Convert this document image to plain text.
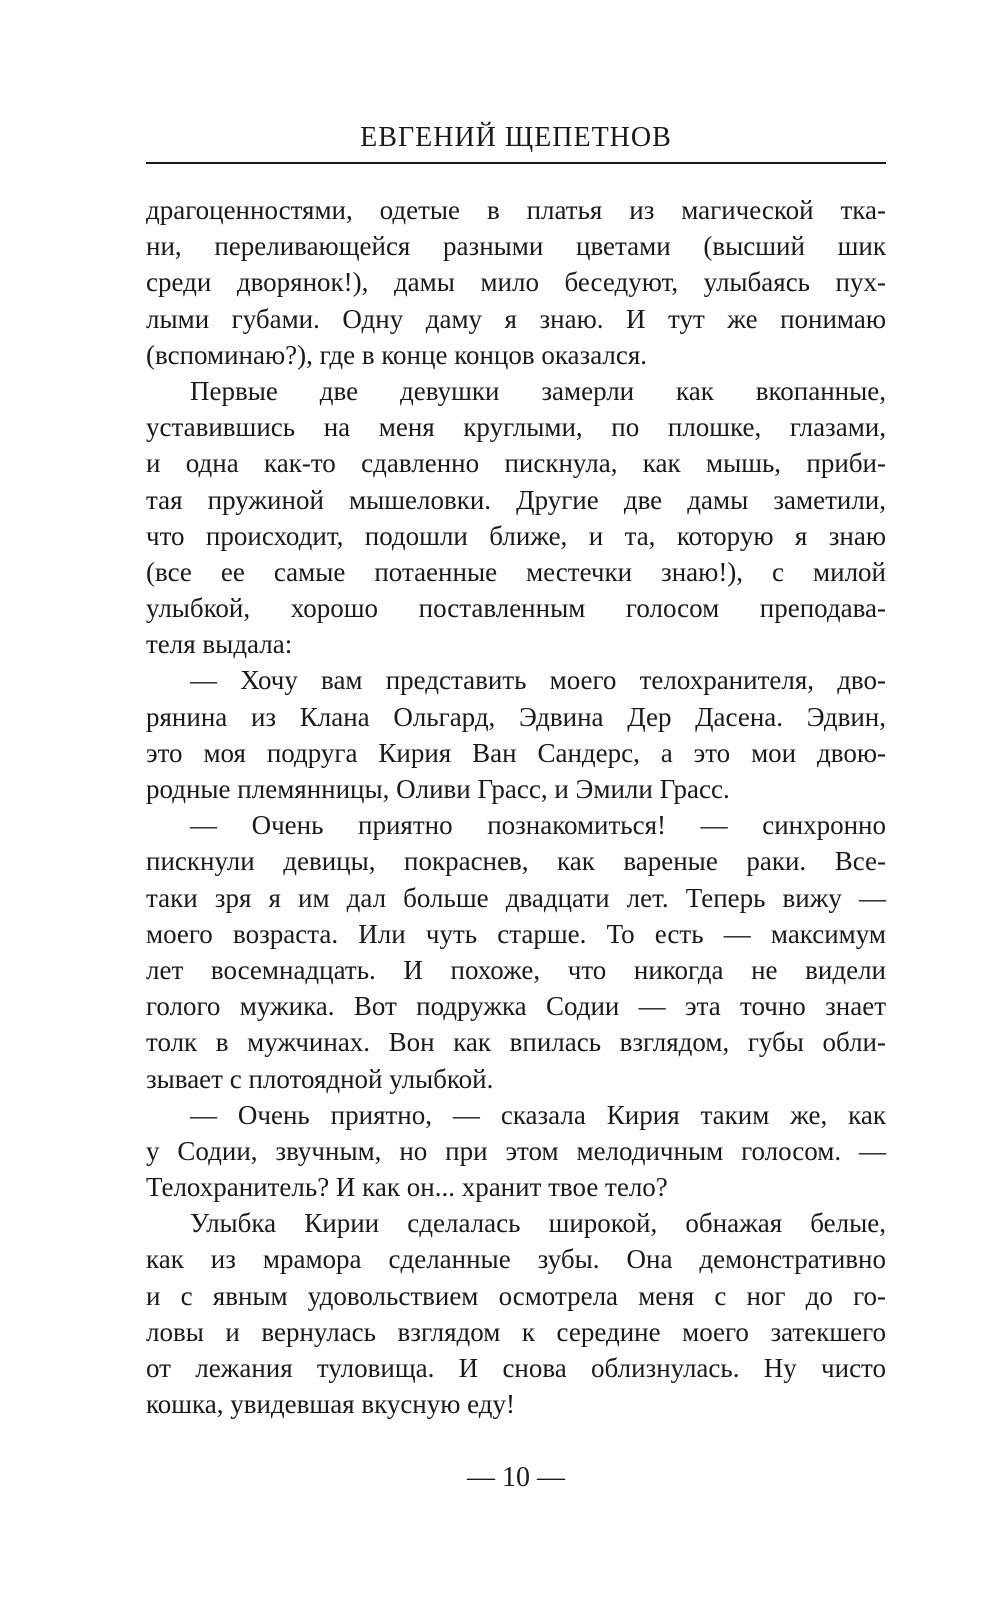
ЕВГЕНИЙ ЩЕПЕТНОВ
драгоценностями, одетые в платья из магической тка-
ни, переливающейся разными цветами (высший шик
среди дворянок!), дамы мило беседуют, улыбаясь пух-
лыми губами. Одну даму я знаю. И тут же понимаю
(вспоминаю?), где в конце концов оказался.
Первые две девушки замерли как вкопанные,
уставившись на меня круглыми, по плошке, глазами,
и одна как-то сдавленно пискнула, как мышь, приби-
тая пружиной мышеловки. Другие две дамы заметили,
что происходит, подошли ближе, и та, которую я знаю
(все ее самые потаенные местечки знаю!), с милой
улыбкой, хорошо поставленным голосом преподава-
теля выдала:
— Хочу вам представить моего телохранителя, дво-
рянина из Клана Ольгард, Эдвина Дер Дасена. Эдвин,
это моя подруга Кирия Ван Сандерс, а это мои двою-
родные племянницы, Оливи Грасс, и Эмили Грасс.
— Очень приятно познакомиться! — синхронно
пискнули девицы, покраснев, как вареные раки. Все-
таки зря я им дал больше двадцати лет. Теперь вижу —
моего возраста. Или чуть старше. То есть — максимум
лет восемнадцать. И похоже, что никогда не видели
голого мужика. Вот подружка Содии — эта точно знает
толк в мужчинах. Вон как впилась взглядом, губы обли-
зывает с плотоядной улыбкой.
— Очень приятно, — сказала Кирия таким же, как
у Содии, звучным, но при этом мелодичным голосом. —
Телохранитель? И как он... хранит твое тело?
Улыбка Кирии сделалась широкой, обнажая белые,
как из мрамора сделанные зубы. Она демонстративно
и с явным удовольствием осмотрела меня с ног до го-
ловы и вернулась взглядом к середине моего затекшего
от лежания туловища. И снова облизнулась. Ну чисто
кошка, увидевшая вкусную еду!
— 10 —
